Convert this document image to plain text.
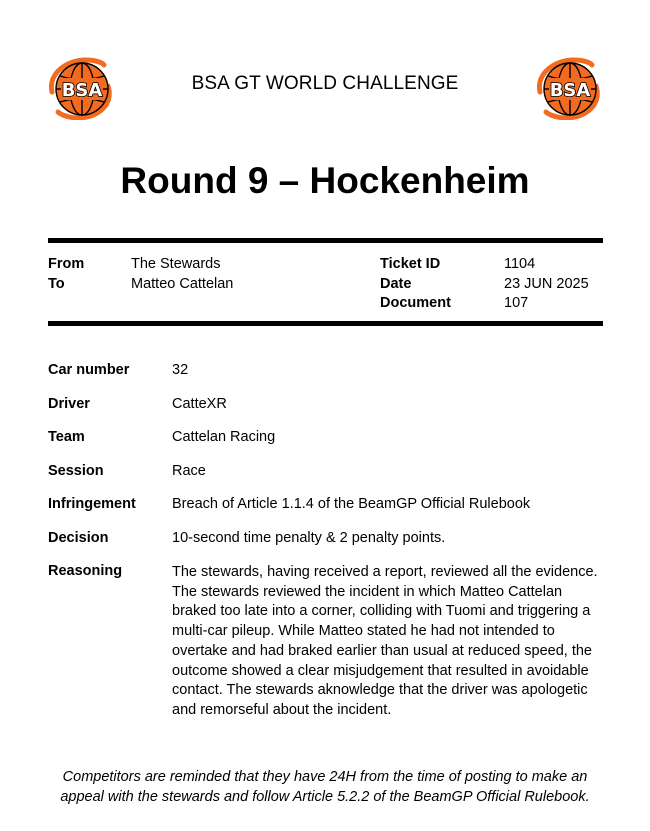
BSA	BSA
BSA GT WORLD CHALLENGE
Round 9 – Hockenheim
From	The Stewards
To	Matteo Cattelan
Ticket ID	1104
Date	23 JUN 2025
Document	107
Car number	32
Driver	CatteXR
Team	Cattelan Racing
Session	Race
Infringement Breach of Article 1.1.4 of the BeamGP Official Rulebook
Decision	10-second time penalty & 2 penalty points.
Reasoning	The stewards, having received a report, reviewed all the evidence. The stewards reviewed the incident in which Matteo Cattelan braked too late into a corner, colliding with Tuomi and triggering a multi-car pileup. While Matteo stated he had not intended to overtake and had braked earlier than usual at reduced speed, the outcome showed a clear misjudgement that resulted in avoidable contact. The stewards aknowledge that the driver was apologetic and remorseful about the incident.
Competitors are reminded that they have 24H from the time of posting to make an appeal with the stewards and follow Article 5.2.2 of the BeamGP Official Rulebook.
